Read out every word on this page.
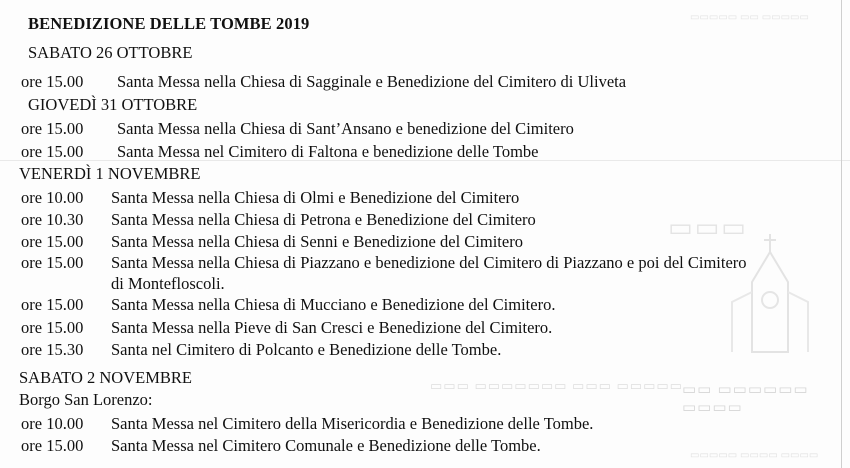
▭▭▭▭▭ ▭▭ ▭▭▭▭▭
▭▭▭
▭▭▭ ▭▭▭▭▭▭▭ ▭▭▭ ▭▭▭▭▭ ▭▭ ▭▭▭▭▭▭ ▭▭▭▭
▭▭▭▭▭ ▭▭▭▭ ▭▭▭▭
BENEDIZIONE DELLE TOMBE 2019
SABATO 26 OTTOBRE
ore 15.00 Santa Messa nella Chiesa di Sagginale e Benedizione del Cimitero di Uliveta
GIOVEDÌ 31 OTTOBRE
ore 15.00 Santa Messa nella Chiesa di Sant’Ansano e benedizione del Cimitero
ore 15.00 Santa Messa nel Cimitero di Faltona e benedizione delle Tombe
VENERDÌ 1 NOVEMBRE
ore 10.00 Santa Messa nella Chiesa di Olmi e Benedizione del Cimitero
ore 10.30 Santa Messa nella Chiesa di Petrona e Benedizione del Cimitero
ore 15.00 Santa Messa nella Chiesa di Senni e Benedizione del Cimitero
ore 15.00 Santa Messa nella Chiesa di Piazzano e benedizione del Cimitero di Piazzano e poi del Cimitero
di Montefloscoli.
ore 15.00 Santa Messa nella Chiesa di Mucciano e Benedizione del Cimitero.
ore 15.00 Santa Messa nella Pieve di San Cresci e Benedizione del Cimitero.
ore 15.30 Santa nel Cimitero di Polcanto e Benedizione delle Tombe.
SABATO 2 NOVEMBRE
Borgo San Lorenzo:
ore 10.00 Santa Messa nel Cimitero della Misericordia e Benedizione delle Tombe.
ore 15.00 Santa Messa nel Cimitero Comunale e Benedizione delle Tombe.
